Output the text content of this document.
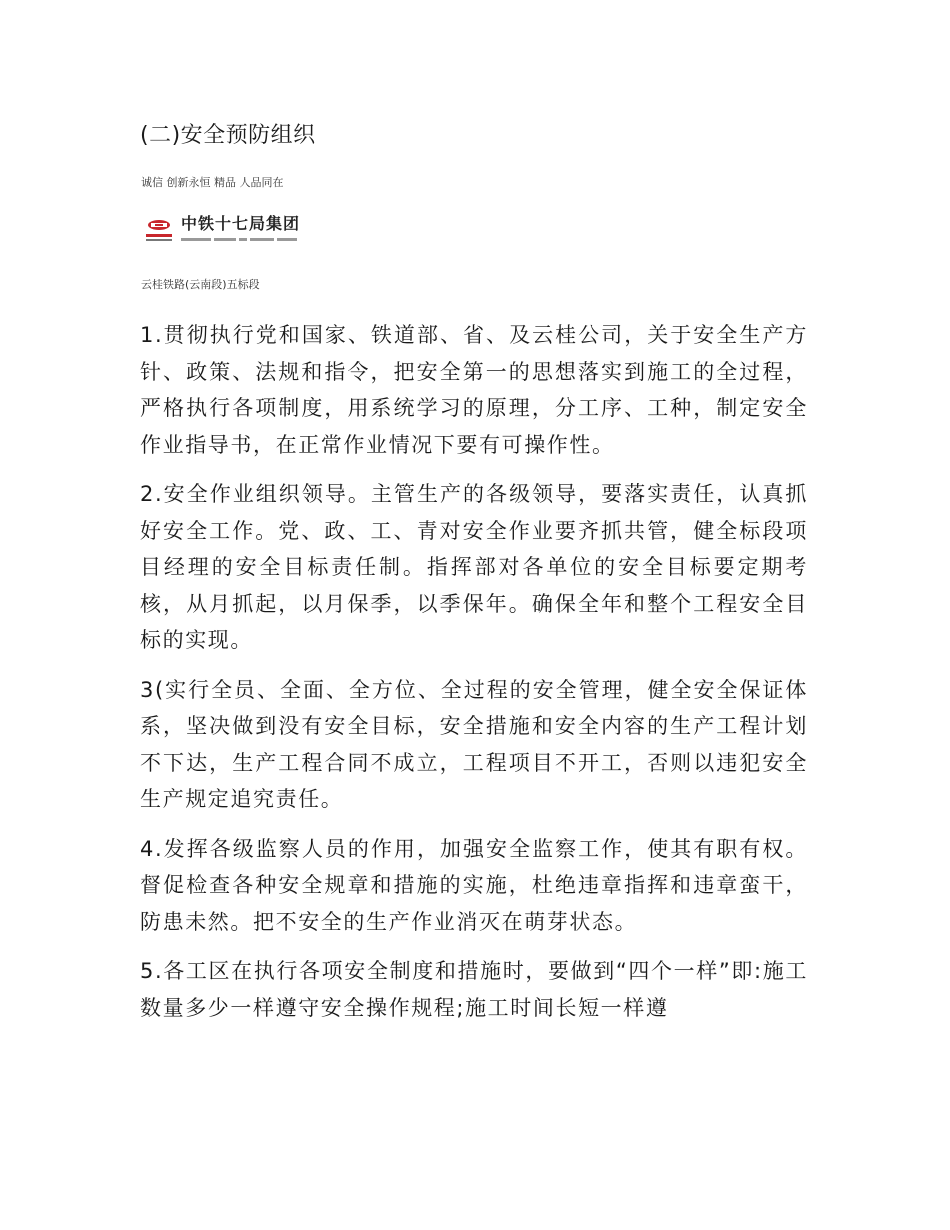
(二)安全预防组织
诚信 创新永恒 精品 人品同在
中铁十七局集团
云桂铁路(云南段)五标段

1.贯彻执行党和国家、铁道部、省、及云桂公司，关于安全生产方针、政策、法规和指令，把安全第一的思想落实到施工的全过程，严格执行各项制度，用系统学习的原理，分工序、工种，制定安全作业指导书，在正常作业情况下要有可操作性。

2.安全作业组织领导。主管生产的各级领导，要落实责任，认真抓好安全工作。党、政、工、青对安全作业要齐抓共管，健全标段项目经理的安全目标责任制。指挥部对各单位的安全目标要定期考核，从月抓起，以月保季，以季保年。确保全年和整个工程安全目标的实现。

3(实行全员、全面、全方位、全过程的安全管理，健全安全保证体系，坚决做到没有安全目标，安全措施和安全内容的生产工程计划不下达，生产工程合同不成立，工程项目不开工，否则以违犯安全生产规定追究责任。

4.发挥各级监察人员的作用，加强安全监察工作，使其有职有权。督促检查各种安全规章和措施的实施，杜绝违章指挥和违章蛮干，防患未然。把不安全的生产作业消灭在萌芽状态。

5.各工区在执行各项安全制度和措施时，要做到“四个一样”即:施工数量多少一样遵守安全操作规程;施工时间长短一样遵
